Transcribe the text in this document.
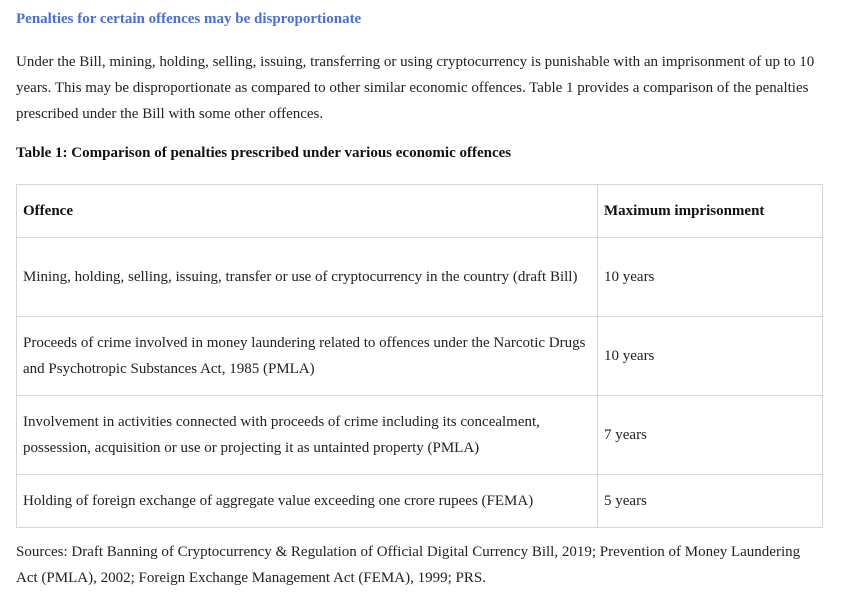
Penalties for certain offences may be disproportionate
Under the Bill, mining, holding, selling, issuing, transferring or using cryptocurrency is punishable with an imprisonment of up to 10 years. This may be disproportionate as compared to other similar economic offences. Table 1 provides a comparison of the penalties prescribed under the Bill with some other offences.
Table 1: Comparison of penalties prescribed under various economic offences
Offence	Maximum imprisonment
Mining, holding, selling, issuing, transfer or use of cryptocurrency in the country (draft Bill)	10 years
Proceeds of crime involved in money laundering related to offences under the Narcotic Drugs and Psychotropic Substances Act, 1985 (PMLA)	10 years
Involvement in activities connected with proceeds of crime including its concealment, possession, acquisition or use or projecting it as untainted property (PMLA)	7 years
Holding of foreign exchange of aggregate value exceeding one crore rupees (FEMA)	5 years
Sources: Draft Banning of Cryptocurrency & Regulation of Official Digital Currency Bill, 2019; Prevention of Money Laundering Act (PMLA), 2002; Foreign Exchange Management Act (FEMA), 1999; PRS.
